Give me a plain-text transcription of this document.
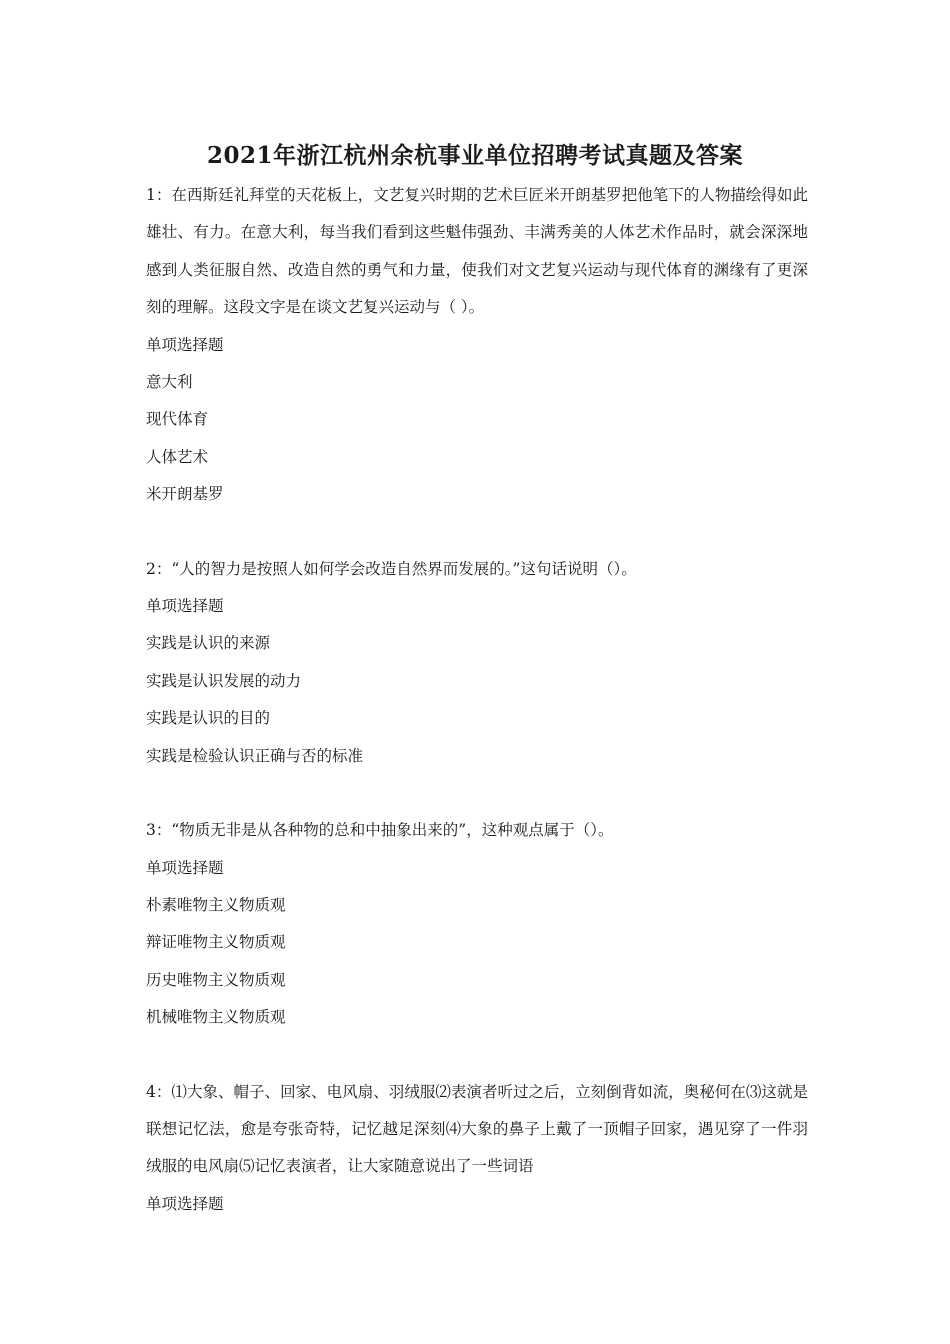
2021年浙江杭州余杭事业单位招聘考试真题及答案

1：在西斯廷礼拜堂的天花板上，文艺复兴时期的艺术巨匠米开朗基罗把他笔下的人物描绘得如此雄壮、有力。在意大利，每当我们看到这些魁伟强劲、丰满秀美的人体艺术作品时，就会深深地感到人类征服自然、改造自然的勇气和力量，使我们对文艺复兴运动与现代体育的渊缘有了更深刻的理解。这段文字是在谈文艺复兴运动与（ ）。

单项选择题

意大利

现代体育

人体艺术

米开朗基罗

2：“人的智力是按照人如何学会改造自然界而发展的。”这句话说明（）。

单项选择题

实践是认识的来源

实践是认识发展的动力

实践是认识的目的

实践是检验认识正确与否的标准

3：“物质无非是从各种物的总和中抽象出来的”，这种观点属于（）。

单项选择题

朴素唯物主义物质观

辩证唯物主义物质观

历史唯物主义物质观

机械唯物主义物质观

4：⑴大象、帽子、回家、电风扇、羽绒服⑵表演者听过之后，立刻倒背如流，奥秘何在⑶这就是联想记忆法，愈是夸张奇特，记忆越足深刻⑷大象的鼻子上戴了一顶帽子回家，遇见穿了一件羽绒服的电风扇⑸记忆表演者，让大家随意说出了一些词语

单项选择题
